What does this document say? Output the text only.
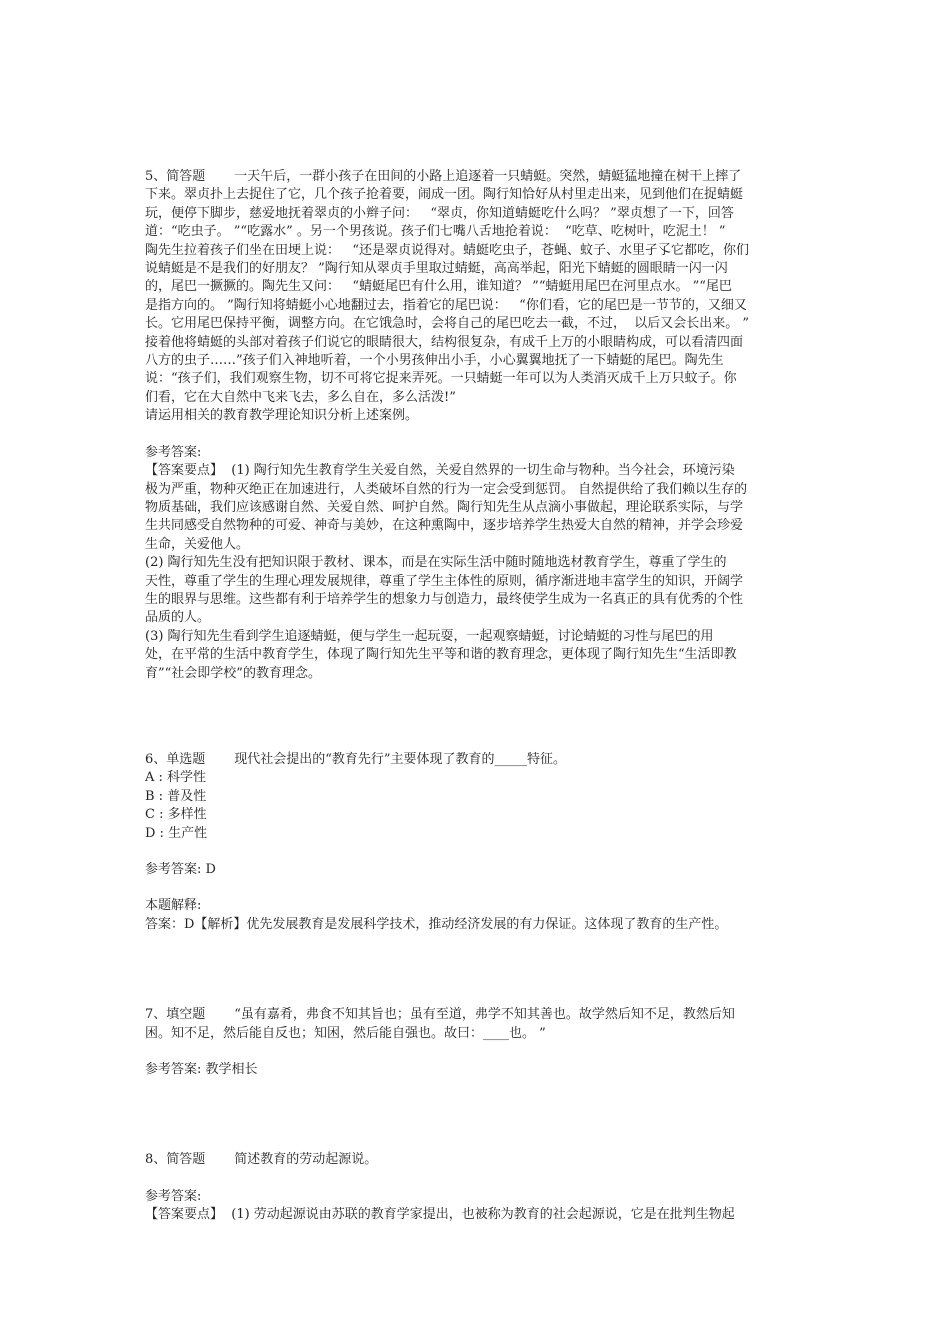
5、简答题       一天午后，一群小孩子在田间的小路上追逐着一只蜻蜓。突然，蜻蜓猛地撞在树干上摔了

下来。翠贞扑上去捉住了它，几个孩子抢着要，闹成一团。陶行知恰好从村里走出来，见到他们在捉蜻蜓

玩，便停下脚步，慈爱地抚着翠贞的小辫子问：   “翠贞，你知道蜻蜓吃什么吗？ ”翠贞想了一下，回答

道：“吃虫子。 ”“吃露水” 。另一个男孩说。孩子们七嘴八舌地抢着说：  “吃草、吃树叶，吃泥土！ ”

陶先生拉着孩子们坐在田埂上说：   “还是翠贞说得对。蜻蜓吃虫子，苍蝇、蚊子、水里孑孓它都吃，你们

说蜻蜓是不是我们的好朋友？ ”陶行知从翠贞手里取过蜻蜓，高高举起，阳光下蜻蜓的圆眼睛一闪一闪

的，尾巴一撅撅的。陶先生又问：   “蜻蜓尾巴有什么用，谁知道？ ”“蜻蜓用尾巴在河里点水。 ”“尾巴

是指方向的。 ”陶行知将蜻蜓小心地翻过去，指着它的尾巴说：   “你们看，它的尾巴是一节节的，又细又

长。它用尾巴保持平衡，调整方向。在它饿急时，会将自己的尾巴吃去一截，不过，  以后又会长出来。 ”

接着他将蜻蜓的头部对着孩子们说它的眼睛很大，结构很复杂，有成千上万的小眼睛构成，可以看清四面

八方的虫子……”孩子们入神地听着，一个小男孩伸出小手，小心翼翼地抚了一下蜻蜓的尾巴。陶先生

说：“孩子们，我们观察生物，切不可将它捉来弄死。一只蜻蜓一年可以为人类消灭成千上万只蚊子。你

们看，它在大自然中飞来飞去，多么自在，多么活泼!”

请运用相关的教育教学理论知识分析上述案例。

参考答案:

【答案要点】  (1) 陶行知先生教育学生关爱自然，关爱自然界的一切生命与物种。当今社会，环境污染

极为严重，物种灭绝正在加速进行，人类破坏自然的行为一定会受到惩罚。 自然提供给了我们赖以生存的

物质基础，我们应该感谢自然、关爱自然、呵护自然。陶行知先生从点滴小事做起，理论联系实际，与学

生共同感受自然物种的可爱、神奇与美妙，在这种熏陶中，逐步培养学生热爱大自然的精神，并学会珍爱

生命，关爱他人。

(2) 陶行知先生没有把知识限于教材、课本，而是在实际生活中随时随地选材教育学生，尊重了学生的

天性，尊重了学生的生理心理发展规律，尊重了学生主体性的原则，循序渐进地丰富学生的知识，开阔学

生的眼界与思维。这些都有利于培养学生的想象力与创造力，最终使学生成为一名真正的具有优秀的个性

品质的人。

(3) 陶行知先生看到学生追逐蜻蜓，便与学生一起玩耍，一起观察蜻蜓，讨论蜻蜓的习性与尾巴的用

处，在平常的生活中教育学生，体现了陶行知先生平等和谐的教育理念，更体现了陶行知先生“生活即教

育”“社会即学校”的教育理念。

6、单选题       现代社会提出的“教育先行”主要体现了教育的_____特征。

A : 科学性

B : 普及性

C : 多样性

D : 生产性

参考答案: D

本题解释:

答案：D【解析】优先发展教育是发展科学技术，推动经济发展的有力保证。这体现了教育的生产性。

7、填空题       “虽有嘉肴，弗食不知其旨也；虽有至道，弗学不知其善也。故学然后知不足，教然后知

困。知不足，然后能自反也；知困，然后能自强也。故曰：____也。 ”

参考答案: 教学相长

8、简答题       简述教育的劳动起源说。

参考答案:

【答案要点】  (1) 劳动起源说由苏联的教育学家提出，也被称为教育的社会起源说，它是在批判生物起
